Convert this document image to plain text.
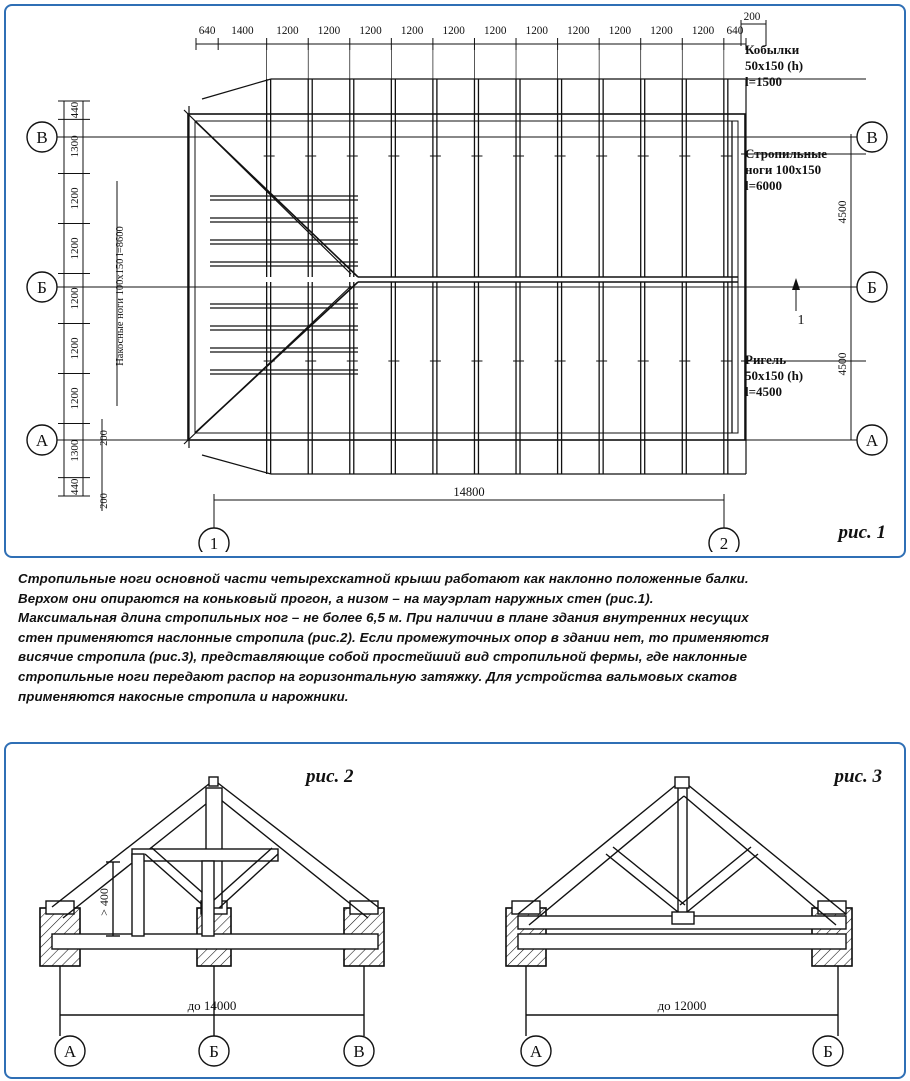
640 1400 1200 1200 1200 1200 1200 1200 1200 1200 1200 1200 1200 640
200
440
1300
1200
1200
1200
1200
1200
1300
440
200
200
Накосные ноги 100х150 l=8600
4500
4500
14800
В	В
Б	Б
А	А
1	2
1
рис. 1

Стропильные ноги основной части четырехскатной крыши работают как наклонно положенные балки.

Верхом они опираются на коньковый прогон, а низом – на мауэрлат наружных стен (рис.1).

Максимальная длина стропильных ног – не более 6,5 м. При наличии в плане здания внутренних несущих

стен применяются наслонные стропила (рис.2). Если промежуточных опор в здании нет, то применяются

висячие стропила (рис.3), представляющие собой простейший вид стропильной фермы, где наклонные

стропильные ноги передают распор на горизонтальную затяжку. Для устройства вальмовых скатов

применяются накосные стропила и нарожники.

> 400
до 14000	до 12000
А	Б	В	А	Б
рис. 2	рис. 3
Кобылки
50х150 (h)
l=1500
Стропильные
ноги 100х150
l=6000
Ригель
50х150 (h)
l=4500
